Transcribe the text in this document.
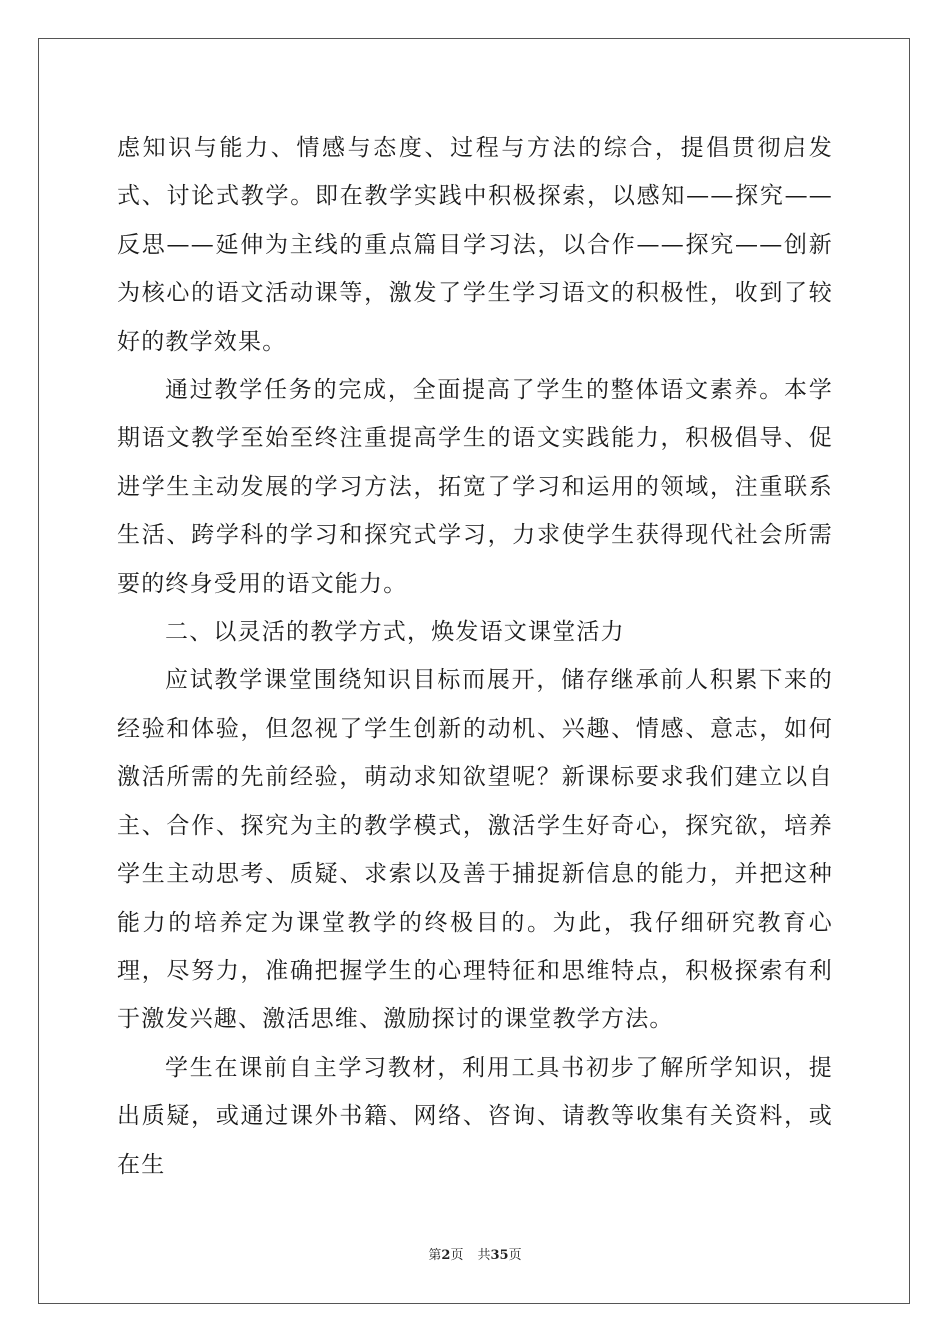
虑知识与能力、情感与态度、过程与方法的综合，提倡贯彻启发式、讨论式教学。即在教学实践中积极探索，以感知——探究——反思——延伸为主线的重点篇目学习法，以合作——探究——创新为核心的语文活动课等，激发了学生学习语文的积极性，收到了较好的教学效果。

通过教学任务的完成，全面提高了学生的整体语文素养。本学期语文教学至始至终注重提高学生的语文实践能力，积极倡导、促进学生主动发展的学习方法，拓宽了学习和运用的领域，注重联系生活、跨学科的学习和探究式学习，力求使学生获得现代社会所需要的终身受用的语文能力。

二、以灵活的教学方式，焕发语文课堂活力

应试教学课堂围绕知识目标而展开，储存继承前人积累下来的经验和体验，但忽视了学生创新的动机、兴趣、情感、意志，如何激活所需的先前经验，萌动求知欲望呢？新课标要求我们建立以自主、合作、探究为主的教学模式，激活学生好奇心，探究欲，培养学生主动思考、质疑、求索以及善于捕捉新信息的能力，并把这种能力的培养定为课堂教学的终极目的。为此，我仔细研究教育心理，尽努力，准确把握学生的心理特征和思维特点，积极探索有利于激发兴趣、激活思维、激励探讨的课堂教学方法。

学生在课前自主学习教材，利用工具书初步了解所学知识，提出质疑，或通过课外书籍、网络、咨询、请教等收集有关资料，或在生

第2页 共35页
